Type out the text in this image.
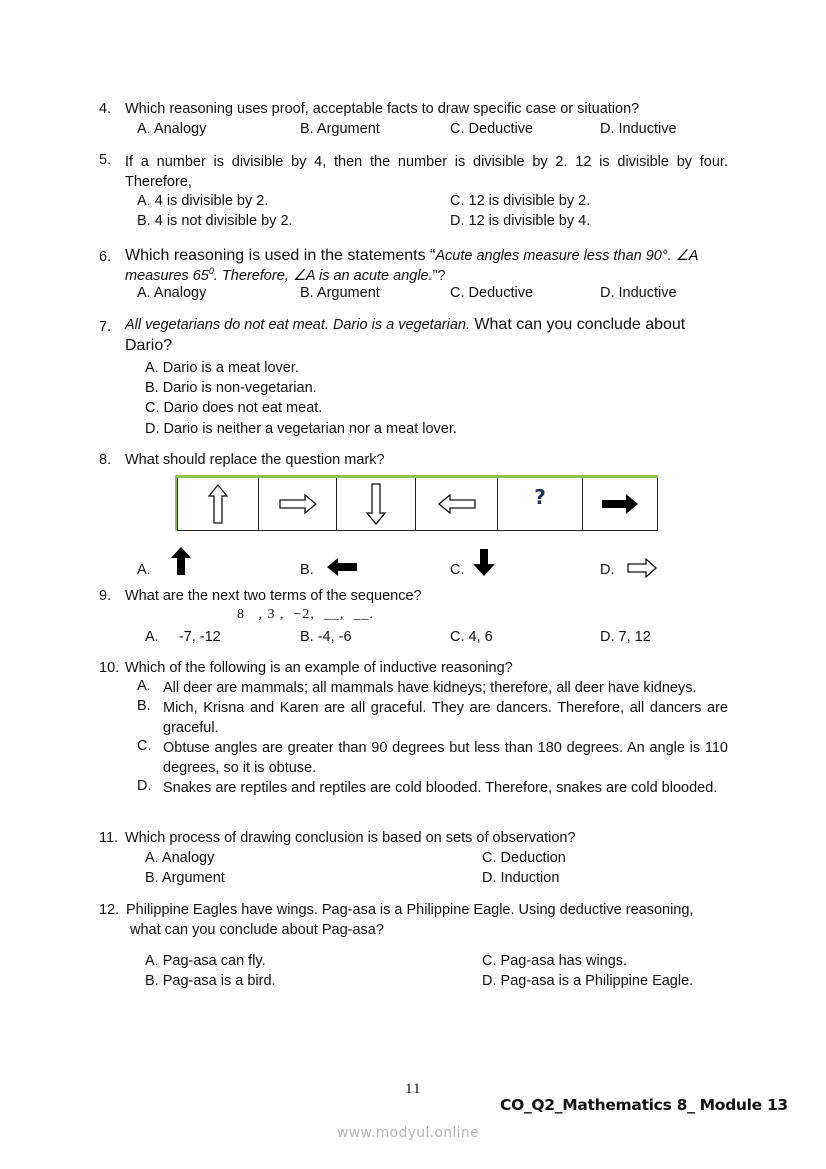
4. Which reasoning uses proof, acceptable facts to draw specific case or situation?
A. Analogy	B. Argument	C. Deductive	D. Inductive
5. If a number is divisible by 4, then the number is divisible by 2. 12 is divisible by four. Therefore,
A. 4 is divisible by 2.
B. 4 is not divisible by 2.
C. 12 is divisible by 2.
D. 12 is divisible by 4.
6. Which reasoning is used in the statements “Acute angles measure less than 90°. ∠A
measures $65^0$. Therefore, ∠A is an acute angle.”?
A. Analogy	B. Argument	C. Deductive	D. Inductive
7. All vegetarians do not eat meat. Dario is a vegetarian. What can you conclude about
Dario?
A. Dario is a meat lover.
B. Dario is non-vegetarian.
C. Dario does not eat meat.
D. Dario is neither a vegetarian nor a meat lover.
8. What should replace the question mark?
?
A.	B.	C.	D.
9. What are the next two terms of the sequence?
8   , 3 ,  −2,  __,  __.
A.     -7, -12	B. -4, -6	C. 4, 6	D. 7, 12
10. Which of the following is an example of inductive reasoning?
A. All deer are mammals; all mammals have kidneys; therefore, all deer have kidneys.
B. Mich, Krisna and Karen are all graceful. They are dancers. Therefore, all dancers are graceful.
C. Obtuse angles are greater than 90 degrees but less than 180 degrees. An angle is 110 degrees, so it is obtuse.
D. Snakes are reptiles and reptiles are cold blooded. Therefore, snakes are cold blooded.
11. Which process of drawing conclusion is based on sets of observation?
A. Analogy
B. Argument
C. Deduction
D. Induction
12. Philippine Eagles have wings. Pag-asa is a Philippine Eagle. Using deductive reasoning,
what can you conclude about Pag-asa?
A. Pag-asa can fly.
B. Pag-asa is a bird.
C. Pag-asa has wings.
D. Pag-asa is a Philippine Eagle.
11
CO_Q2_Mathematics 8_ Module 13
www.modyul.online
